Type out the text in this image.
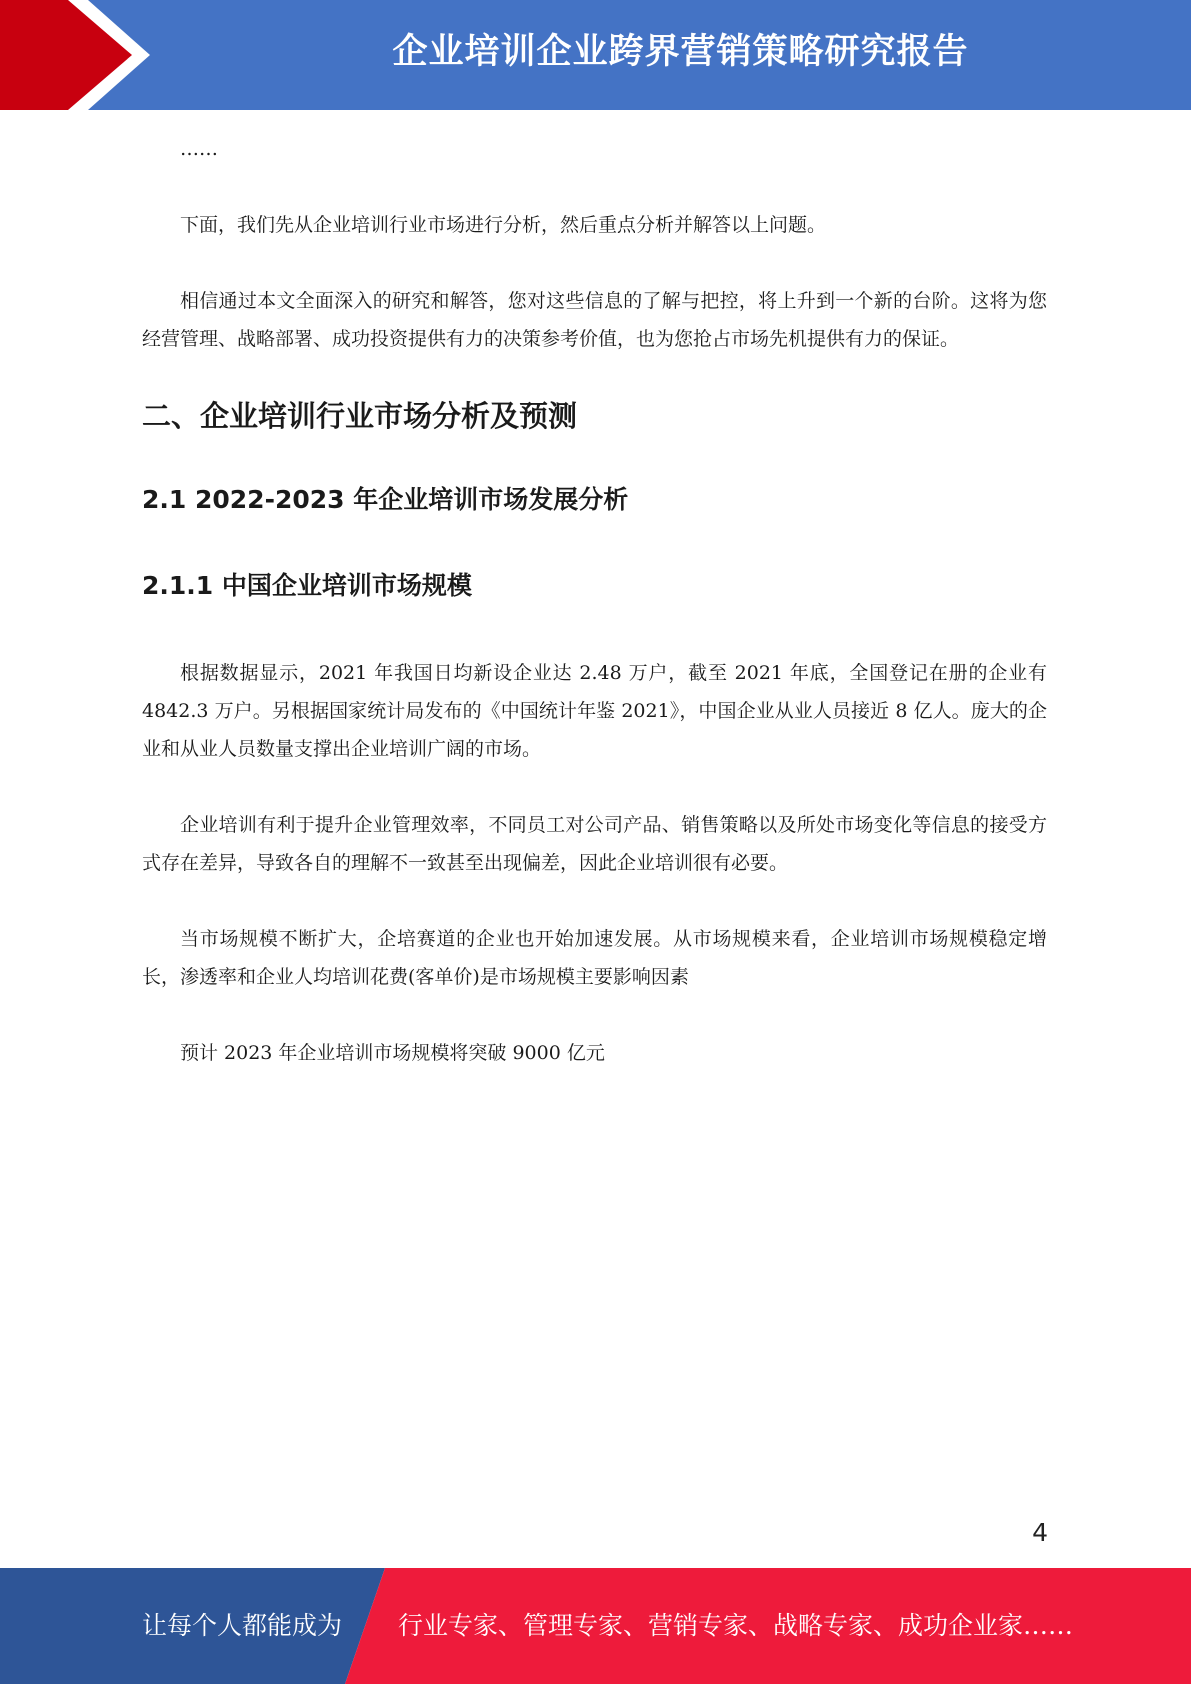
企业培训企业跨界营销策略研究报告

……

下面，我们先从企业培训行业市场进行分析，然后重点分析并解答以上问题。

相信通过本文全面深入的研究和解答，您对这些信息的了解与把控，将上升到一个新的台阶。这将为您经营管理、战略部署、成功投资提供有力的决策参考价值，也为您抢占市场先机提供有力的保证。

二、企业培训行业市场分析及预测
2.1 2022-2023 年企业培训市场发展分析
2.1.1 中国企业培训市场规模

根据数据显示，2021 年我国日均新设企业达 2.48 万户，截至 2021 年底，全国登记在册的企业有 4842.3 万户。另根据国家统计局发布的《中国统计年鉴 2021》，中国企业从业人员接近 8 亿人。庞大的企业和从业人员数量支撑出企业培训广阔的市场。

企业培训有利于提升企业管理效率，不同员工对公司产品、销售策略以及所处市场变化等信息的接受方式存在差异，导致各自的理解不一致甚至出现偏差，因此企业培训很有必要。

当市场规模不断扩大，企培赛道的企业也开始加速发展。从市场规模来看，企业培训市场规模稳定增长，渗透率和企业人均培训花费(客单价)是市场规模主要影响因素

预计 2023 年企业培训市场规模将突破 9000 亿元

4
让每个人都能成为 行业专家、管理专家、营销专家、战略专家、成功企业家……
